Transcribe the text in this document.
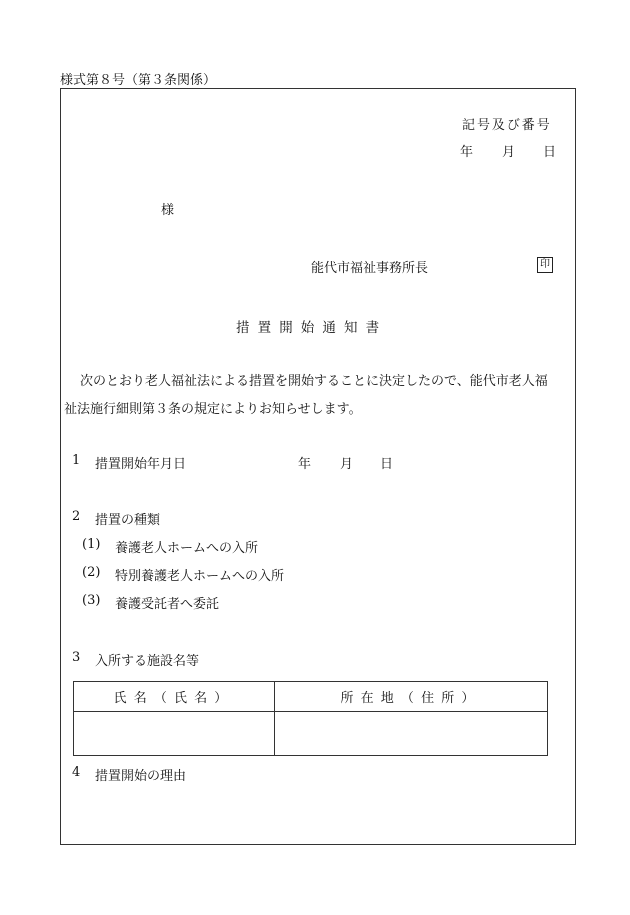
様式第８号（第３条関係）
記号及び番号
年 月 日
様
能代市福祉事務所長	印
措置開始通知書
次のとおり老人福祉法による措置を開始することに決定したので、能代市老人福
祉法施行細則第３条の規定によりお知らせします。
1 措置開始年月日	年 月 日
2 措置の種類
(1) 養護老人ホームへの入所
(2) 特別養護老人ホームへの入所
(3) 養護受託者へ委託
3 入所する施設名等
氏名（氏名）	所在地（住所）

4 措置開始の理由
